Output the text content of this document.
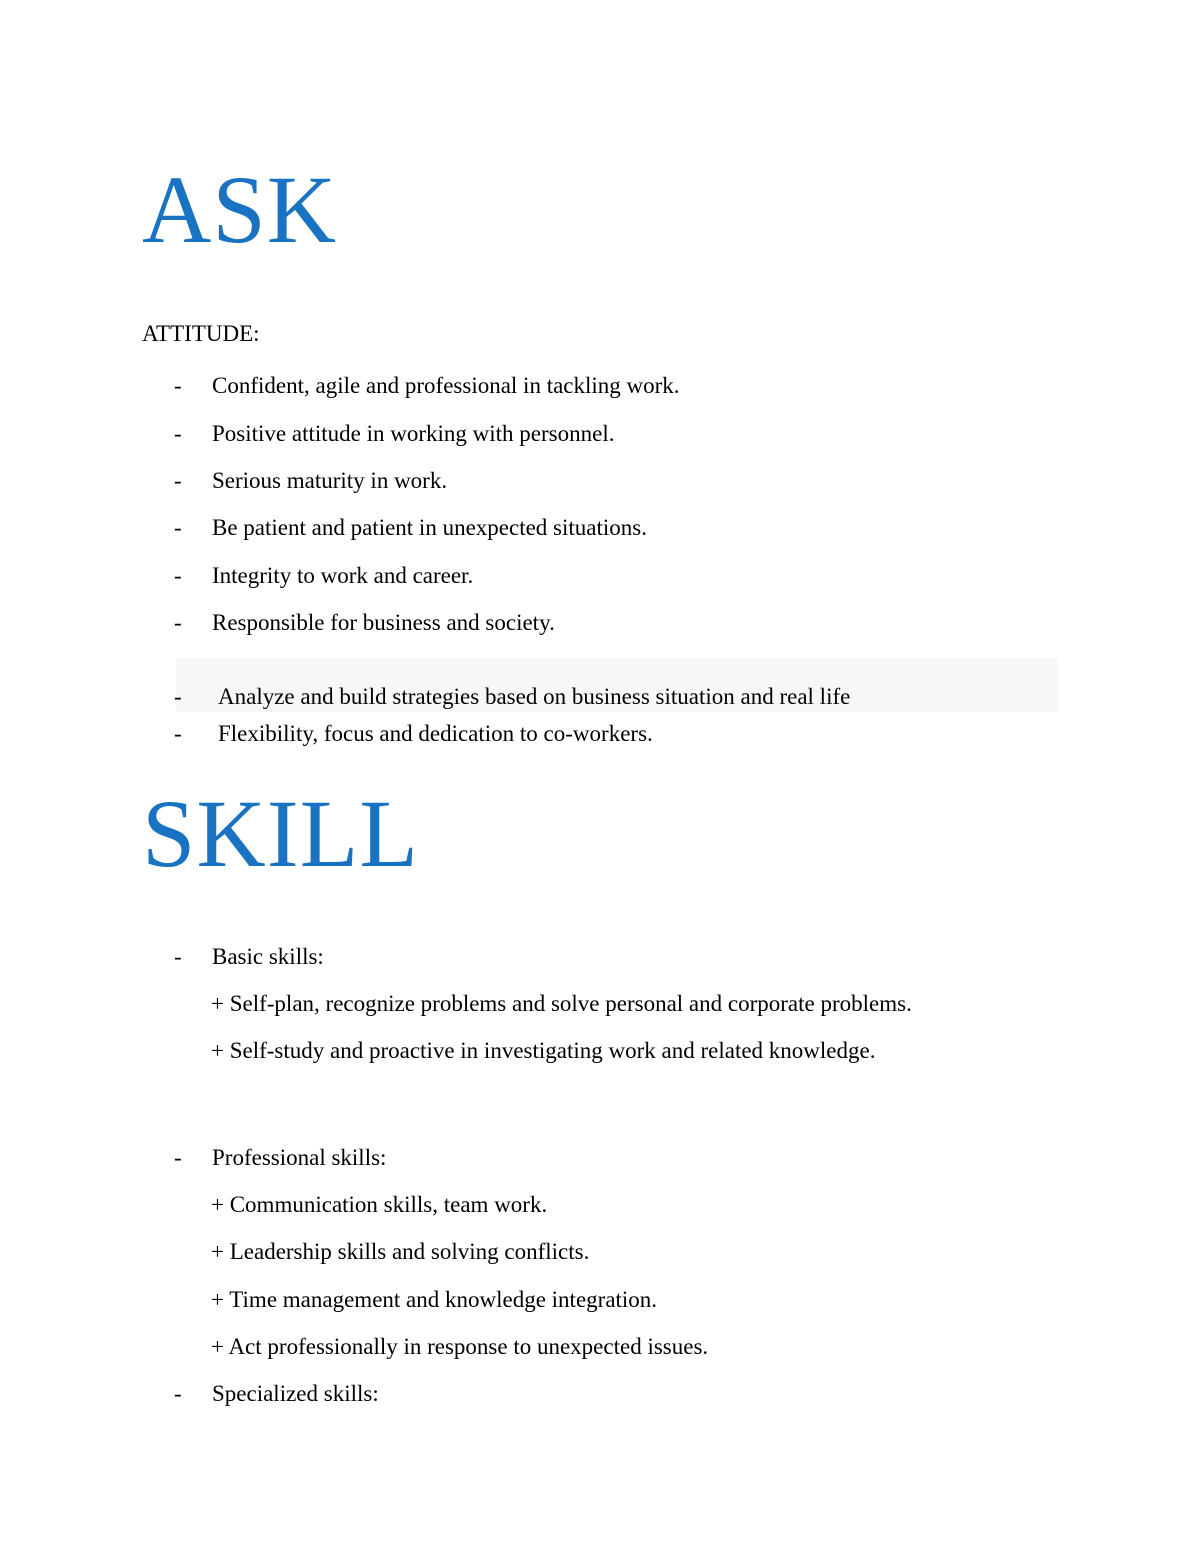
ASK
ATTITUDE:
- Confident, agile and professional in tackling work.
- Positive attitude in working with personnel.
- Serious maturity in work.
- Be patient and patient in unexpected situations.
- Integrity to work and career.
- Responsible for business and society.
- Analyze and build strategies based on business situation and real life
- Flexibility, focus and dedication to co-workers.
SKILL
- Basic skills:
+ Self-plan, recognize problems and solve personal and corporate problems.
+ Self-study and proactive in investigating work and related knowledge.
- Professional skills:
+ Communication skills, team work.
+ Leadership skills and solving conflicts.
+ Time management and knowledge integration.
+ Act professionally in response to unexpected issues.
- Specialized skills:
